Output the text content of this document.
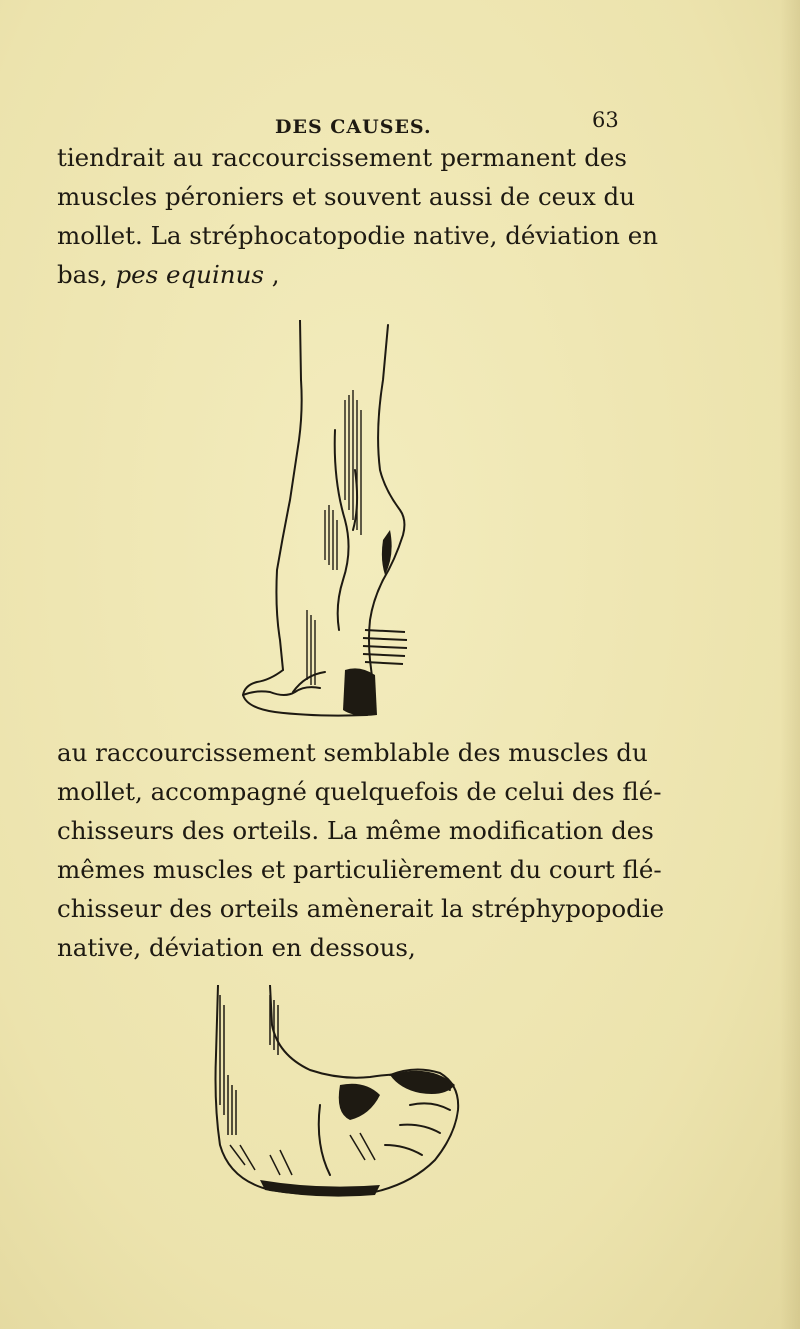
DES CAUSES.	63
tiendrait au raccourcissement permanent des
muscles péroniers et souvent aussi de ceux du
mollet. La stréphocatopodie native, déviation en
bas, pes equinus ,
au raccourcissement semblable des muscles du
mollet, accompagné quelquefois de celui des flé-
chisseurs des orteils. La même modification des
mêmes muscles et particulièrement du court flé-
chisseur des orteils amènerait la stréphypopodie
native, déviation en dessous,
